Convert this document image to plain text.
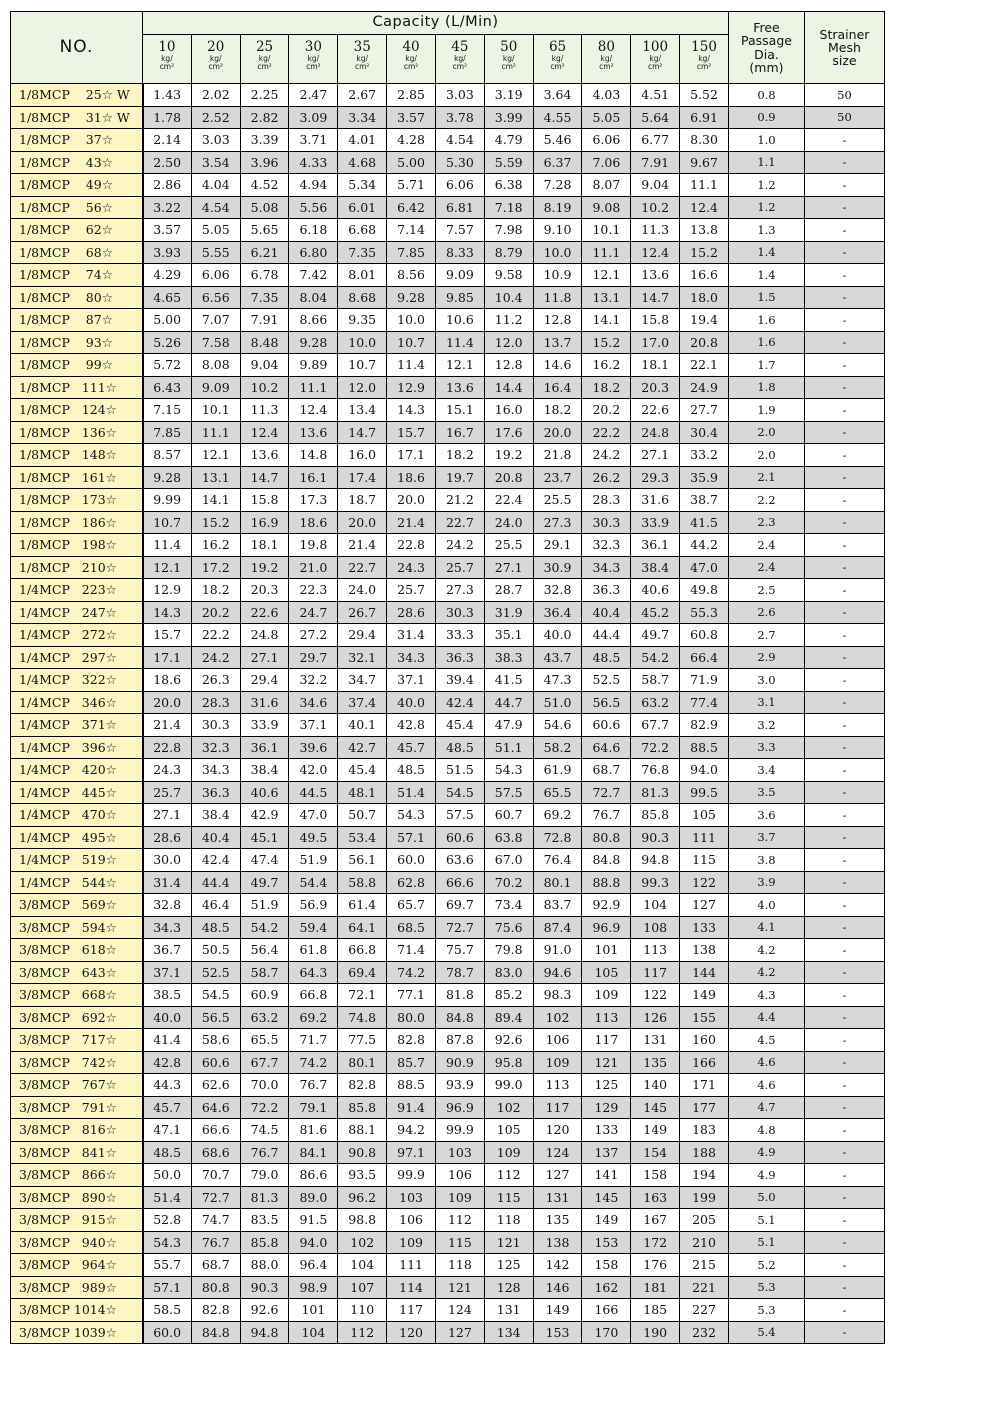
NO.	Capacity (L/Min)												Free
Passage
Dia.
(mm)	Strainer
Mesh
size

	10
kg/
cm²	20
kg/
cm²	25
kg/
cm²	30
kg/
cm²	35
kg/
cm²	40
kg/
cm²	45
kg/
cm²	50
kg/
cm²	65
kg/
cm²	80
kg/
cm²	100
kg/
cm²	150
kg/
cm²		

1/8MCP    25☆ W	1.43	2.02	2.25	2.47	2.67	2.85	3.03	3.19	3.64	4.03	4.51	5.52	0.8	50
1/8MCP    31☆ W	1.78	2.52	2.82	3.09	3.34	3.57	3.78	3.99	4.55	5.05	5.64	6.91	0.9	50
1/8MCP    37☆	2.14	3.03	3.39	3.71	4.01	4.28	4.54	4.79	5.46	6.06	6.77	8.30	1.0	-
1/8MCP    43☆	2.50	3.54	3.96	4.33	4.68	5.00	5.30	5.59	6.37	7.06	7.91	9.67	1.1	-
1/8MCP    49☆	2.86	4.04	4.52	4.94	5.34	5.71	6.06	6.38	7.28	8.07	9.04	11.1	1.2	-
1/8MCP    56☆	3.22	4.54	5.08	5.56	6.01	6.42	6.81	7.18	8.19	9.08	10.2	12.4	1.2	-
1/8MCP    62☆	3.57	5.05	5.65	6.18	6.68	7.14	7.57	7.98	9.10	10.1	11.3	13.8	1.3	-
1/8MCP    68☆	3.93	5.55	6.21	6.80	7.35	7.85	8.33	8.79	10.0	11.1	12.4	15.2	1.4	-
1/8MCP    74☆	4.29	6.06	6.78	7.42	8.01	8.56	9.09	9.58	10.9	12.1	13.6	16.6	1.4	-
1/8MCP    80☆	4.65	6.56	7.35	8.04	8.68	9.28	9.85	10.4	11.8	13.1	14.7	18.0	1.5	-
1/8MCP    87☆	5.00	7.07	7.91	8.66	9.35	10.0	10.6	11.2	12.8	14.1	15.8	19.4	1.6	-
1/8MCP    93☆	5.26	7.58	8.48	9.28	10.0	10.7	11.4	12.0	13.7	15.2	17.0	20.8	1.6	-
1/8MCP    99☆	5.72	8.08	9.04	9.89	10.7	11.4	12.1	12.8	14.6	16.2	18.1	22.1	1.7	-
1/8MCP   111☆	6.43	9.09	10.2	11.1	12.0	12.9	13.6	14.4	16.4	18.2	20.3	24.9	1.8	-
1/8MCP   124☆	7.15	10.1	11.3	12.4	13.4	14.3	15.1	16.0	18.2	20.2	22.6	27.7	1.9	-
1/8MCP   136☆	7.85	11.1	12.4	13.6	14.7	15.7	16.7	17.6	20.0	22.2	24.8	30.4	2.0	-
1/8MCP   148☆	8.57	12.1	13.6	14.8	16.0	17.1	18.2	19.2	21.8	24.2	27.1	33.2	2.0	-
1/8MCP   161☆	9.28	13.1	14.7	16.1	17.4	18.6	19.7	20.8	23.7	26.2	29.3	35.9	2.1	-
1/8MCP   173☆	9.99	14.1	15.8	17.3	18.7	20.0	21.2	22.4	25.5	28.3	31.6	38.7	2.2	-
1/8MCP   186☆	10.7	15.2	16.9	18.6	20.0	21.4	22.7	24.0	27.3	30.3	33.9	41.5	2.3	-
1/8MCP   198☆	11.4	16.2	18.1	19.8	21.4	22.8	24.2	25.5	29.1	32.3	36.1	44.2	2.4	-
1/8MCP   210☆	12.1	17.2	19.2	21.0	22.7	24.3	25.7	27.1	30.9	34.3	38.4	47.0	2.4	-
1/4MCP   223☆	12.9	18.2	20.3	22.3	24.0	25.7	27.3	28.7	32.8	36.3	40.6	49.8	2.5	-
1/4MCP   247☆	14.3	20.2	22.6	24.7	26.7	28.6	30.3	31.9	36.4	40.4	45.2	55.3	2.6	-
1/4MCP   272☆	15.7	22.2	24.8	27.2	29.4	31.4	33.3	35.1	40.0	44.4	49.7	60.8	2.7	-
1/4MCP   297☆	17.1	24.2	27.1	29.7	32.1	34.3	36.3	38.3	43.7	48.5	54.2	66.4	2.9	-
1/4MCP   322☆	18.6	26.3	29.4	32.2	34.7	37.1	39.4	41.5	47.3	52.5	58.7	71.9	3.0	-
1/4MCP   346☆	20.0	28.3	31.6	34.6	37.4	40.0	42.4	44.7	51.0	56.5	63.2	77.4	3.1	-
1/4MCP   371☆	21.4	30.3	33.9	37.1	40.1	42.8	45.4	47.9	54.6	60.6	67.7	82.9	3.2	-
1/4MCP   396☆	22.8	32.3	36.1	39.6	42.7	45.7	48.5	51.1	58.2	64.6	72.2	88.5	3.3	-
1/4MCP   420☆	24.3	34.3	38.4	42.0	45.4	48.5	51.5	54.3	61.9	68.7	76.8	94.0	3.4	-
1/4MCP   445☆	25.7	36.3	40.6	44.5	48.1	51.4	54.5	57.5	65.5	72.7	81.3	99.5	3.5	-
1/4MCP   470☆	27.1	38.4	42.9	47.0	50.7	54.3	57.5	60.7	69.2	76.7	85.8	105	3.6	-
1/4MCP   495☆	28.6	40.4	45.1	49.5	53.4	57.1	60.6	63.8	72.8	80.8	90.3	111	3.7	-
1/4MCP   519☆	30.0	42.4	47.4	51.9	56.1	60.0	63.6	67.0	76.4	84.8	94.8	115	3.8	-
1/4MCP   544☆	31.4	44.4	49.7	54.4	58.8	62.8	66.6	70.2	80.1	88.8	99.3	122	3.9	-
3/8MCP   569☆	32.8	46.4	51.9	56.9	61.4	65.7	69.7	73.4	83.7	92.9	104	127	4.0	-
3/8MCP   594☆	34.3	48.5	54.2	59.4	64.1	68.5	72.7	75.6	87.4	96.9	108	133	4.1	-
3/8MCP   618☆	36.7	50.5	56.4	61.8	66.8	71.4	75.7	79.8	91.0	101	113	138	4.2	-
3/8MCP   643☆	37.1	52.5	58.7	64.3	69.4	74.2	78.7	83.0	94.6	105	117	144	4.2	-
3/8MCP   668☆	38.5	54.5	60.9	66.8	72.1	77.1	81.8	85.2	98.3	109	122	149	4.3	-
3/8MCP   692☆	40.0	56.5	63.2	69.2	74.8	80.0	84.8	89.4	102	113	126	155	4.4	-
3/8MCP   717☆	41.4	58.6	65.5	71.7	77.5	82.8	87.8	92.6	106	117	131	160	4.5	-
3/8MCP   742☆	42.8	60.6	67.7	74.2	80.1	85.7	90.9	95.8	109	121	135	166	4.6	-
3/8MCP   767☆	44.3	62.6	70.0	76.7	82.8	88.5	93.9	99.0	113	125	140	171	4.6	-
3/8MCP   791☆	45.7	64.6	72.2	79.1	85.8	91.4	96.9	102	117	129	145	177	4.7	-
3/8MCP   816☆	47.1	66.6	74.5	81.6	88.1	94.2	99.9	105	120	133	149	183	4.8	-
3/8MCP   841☆	48.5	68.6	76.7	84.1	90.8	97.1	103	109	124	137	154	188	4.9	-
3/8MCP   866☆	50.0	70.7	79.0	86.6	93.5	99.9	106	112	127	141	158	194	4.9	-
3/8MCP   890☆	51.4	72.7	81.3	89.0	96.2	103	109	115	131	145	163	199	5.0	-
3/8MCP   915☆	52.8	74.7	83.5	91.5	98.8	106	112	118	135	149	167	205	5.1	-
3/8MCP   940☆	54.3	76.7	85.8	94.0	102	109	115	121	138	153	172	210	5.1	-
3/8MCP   964☆	55.7	68.7	88.0	96.4	104	111	118	125	142	158	176	215	5.2	-
3/8MCP   989☆	57.1	80.8	90.3	98.9	107	114	121	128	146	162	181	221	5.3	-
3/8MCP 1014☆	58.5	82.8	92.6	101	110	117	124	131	149	166	185	227	5.3	-
3/8MCP 1039☆	60.0	84.8	94.8	104	112	120	127	134	153	170	190	232	5.4	-
